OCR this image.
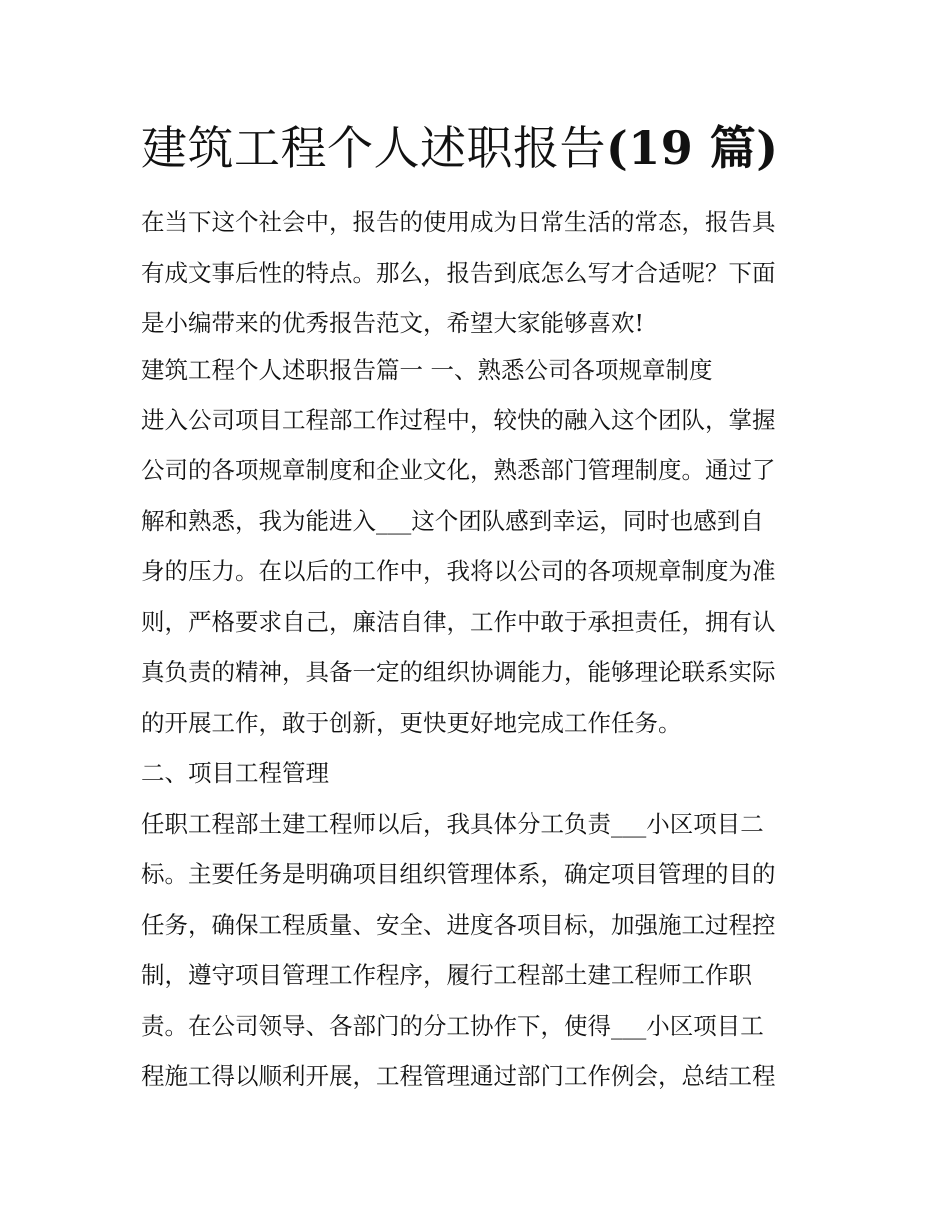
建筑工程个人述职报告(19 篇)

在当下这个社会中，报告的使用成为日常生活的常态，报告具
有成文事后性的特点。那么，报告到底怎么写才合适呢？下面
是小编带来的优秀报告范文，希望大家能够喜欢!

建筑工程个人述职报告篇一 一、熟悉公司各项规章制度

进入公司项目工程部工作过程中，较快的融入这个团队，掌握
公司的各项规章制度和企业文化，熟悉部门管理制度。通过了
解和熟悉，我为能进入___这个团队感到幸运，同时也感到自
身的压力。在以后的工作中，我将以公司的各项规章制度为准
则，严格要求自己，廉洁自律，工作中敢于承担责任，拥有认
真负责的精神，具备一定的组织协调能力，能够理论联系实际
的开展工作，敢于创新，更快更好地完成工作任务。

二、项目工程管理

任职工程部土建工程师以后，我具体分工负责___小区项目二
标。主要任务是明确项目组织管理体系，确定项目管理的目的
任务，确保工程质量、安全、进度各项目标，加强施工过程控
制，遵守项目管理工作程序，履行工程部土建工程师工作职
责。在公司领导、各部门的分工协作下，使得___小区项目工
程施工得以顺利开展，工程管理通过部门工作例会，总结工程
